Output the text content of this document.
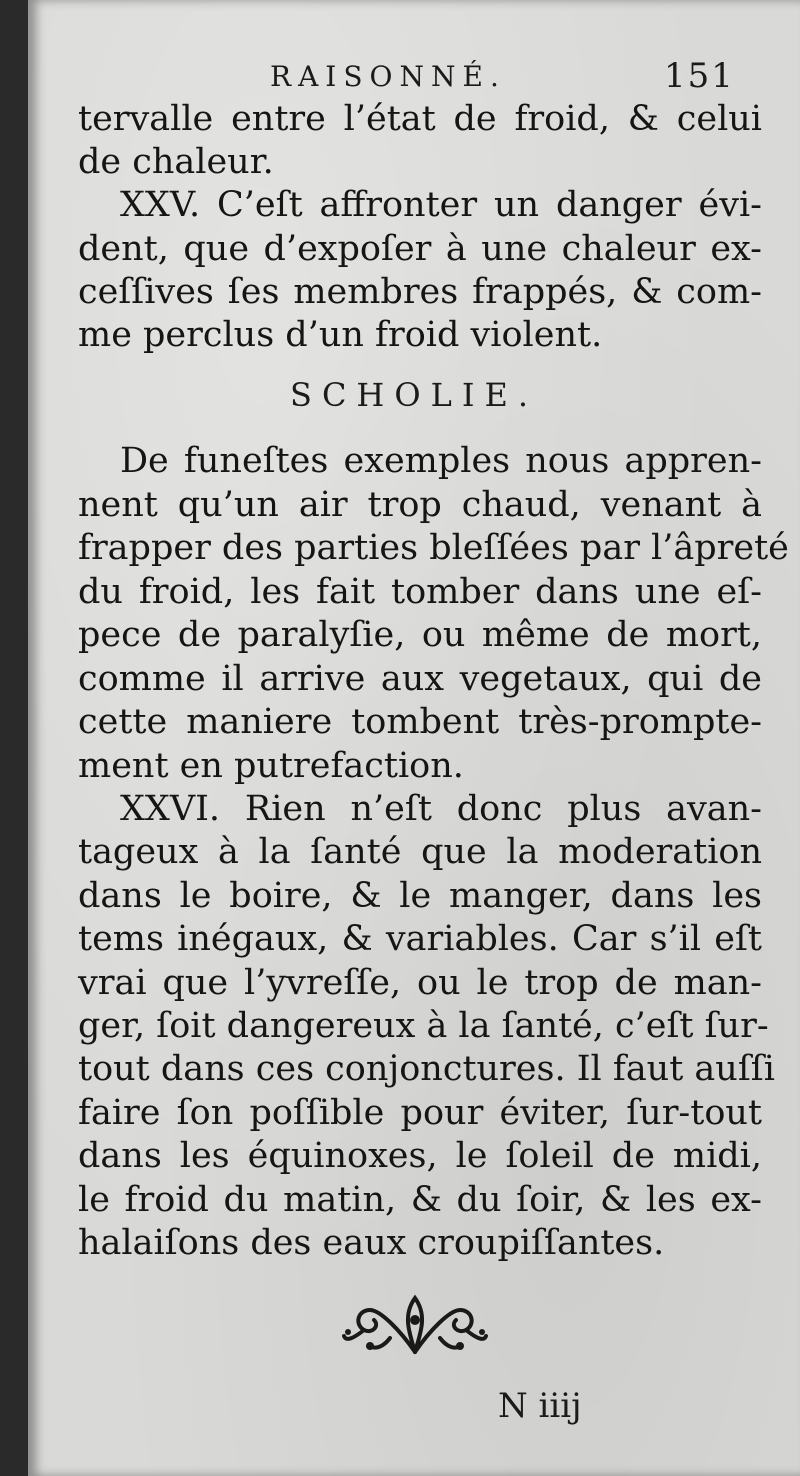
RAISONNÉ.	151
tervalle entre l’état de froid, & celui
de chaleur.
XXV. C’eſt affronter un danger évi-
dent, que d’expoſer à une chaleur ex-
ceſſives ſes membres frappés, & com-
me perclus d’un froid violent.
SCHOLIE.
De funeſtes exemples nous appren-
nent qu’un air trop chaud, venant à
frapper des parties bleſſées par l’âpreté
du froid, les fait tomber dans une eſ-
pece de paralyſie, ou même de mort,
comme il arrive aux vegetaux, qui de
cette maniere tombent très-prompte-
ment en putrefaction.
XXVI. Rien n’eſt donc plus avan-
tageux à la ſanté que la moderation
dans le boire, & le manger, dans les
tems inégaux, & variables. Car s’il eſt
vrai que l’yvreſſe, ou le trop de man-
ger, ſoit dangereux à la ſanté, c’eſt ſur-
tout dans ces conjonctures. Il faut auſſi
faire ſon poſſible pour éviter, ſur-tout
dans les équinoxes, le ſoleil de midi,
le froid du matin, & du ſoir, & les ex-
halaiſons des eaux croupiſſantes.
N iiij
